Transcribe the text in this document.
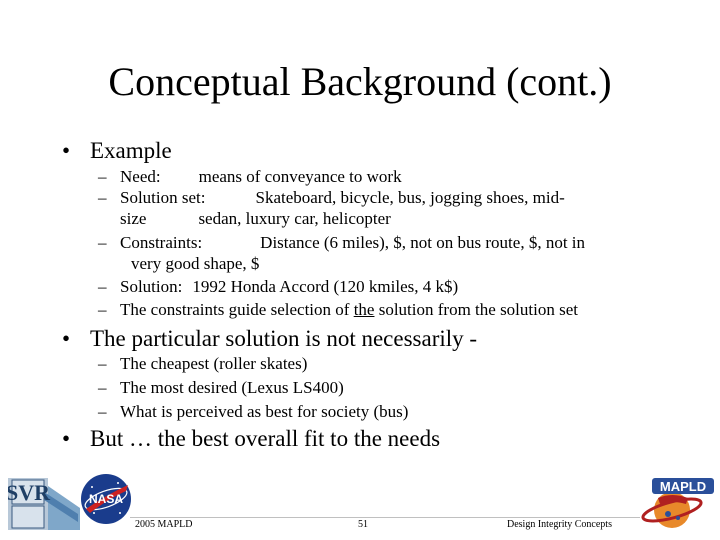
Conceptual Background (cont.)
• Example
– Need: means of conveyance to work
– Solution set:	Skateboard, bicycle, bus, jogging shoes, mid-
size	sedan, luxury car, helicopter
– Constraints:	Distance (6 miles), $, not on bus route, $, not in
very good shape, $
– Solution: 1992 Honda Accord (120 kmiles, 4 k$)
– The constraints guide selection of the solution from the solution set
• The particular solution is not necessarily -
– The cheapest (roller skates)
– The most desired (Lexus LS400)
– What is perceived as best for society (bus)
• But … the best overall fit to the needs
2005 MAPLD	51	Design Integrity Concepts
SVR	NASA
MAPLD
